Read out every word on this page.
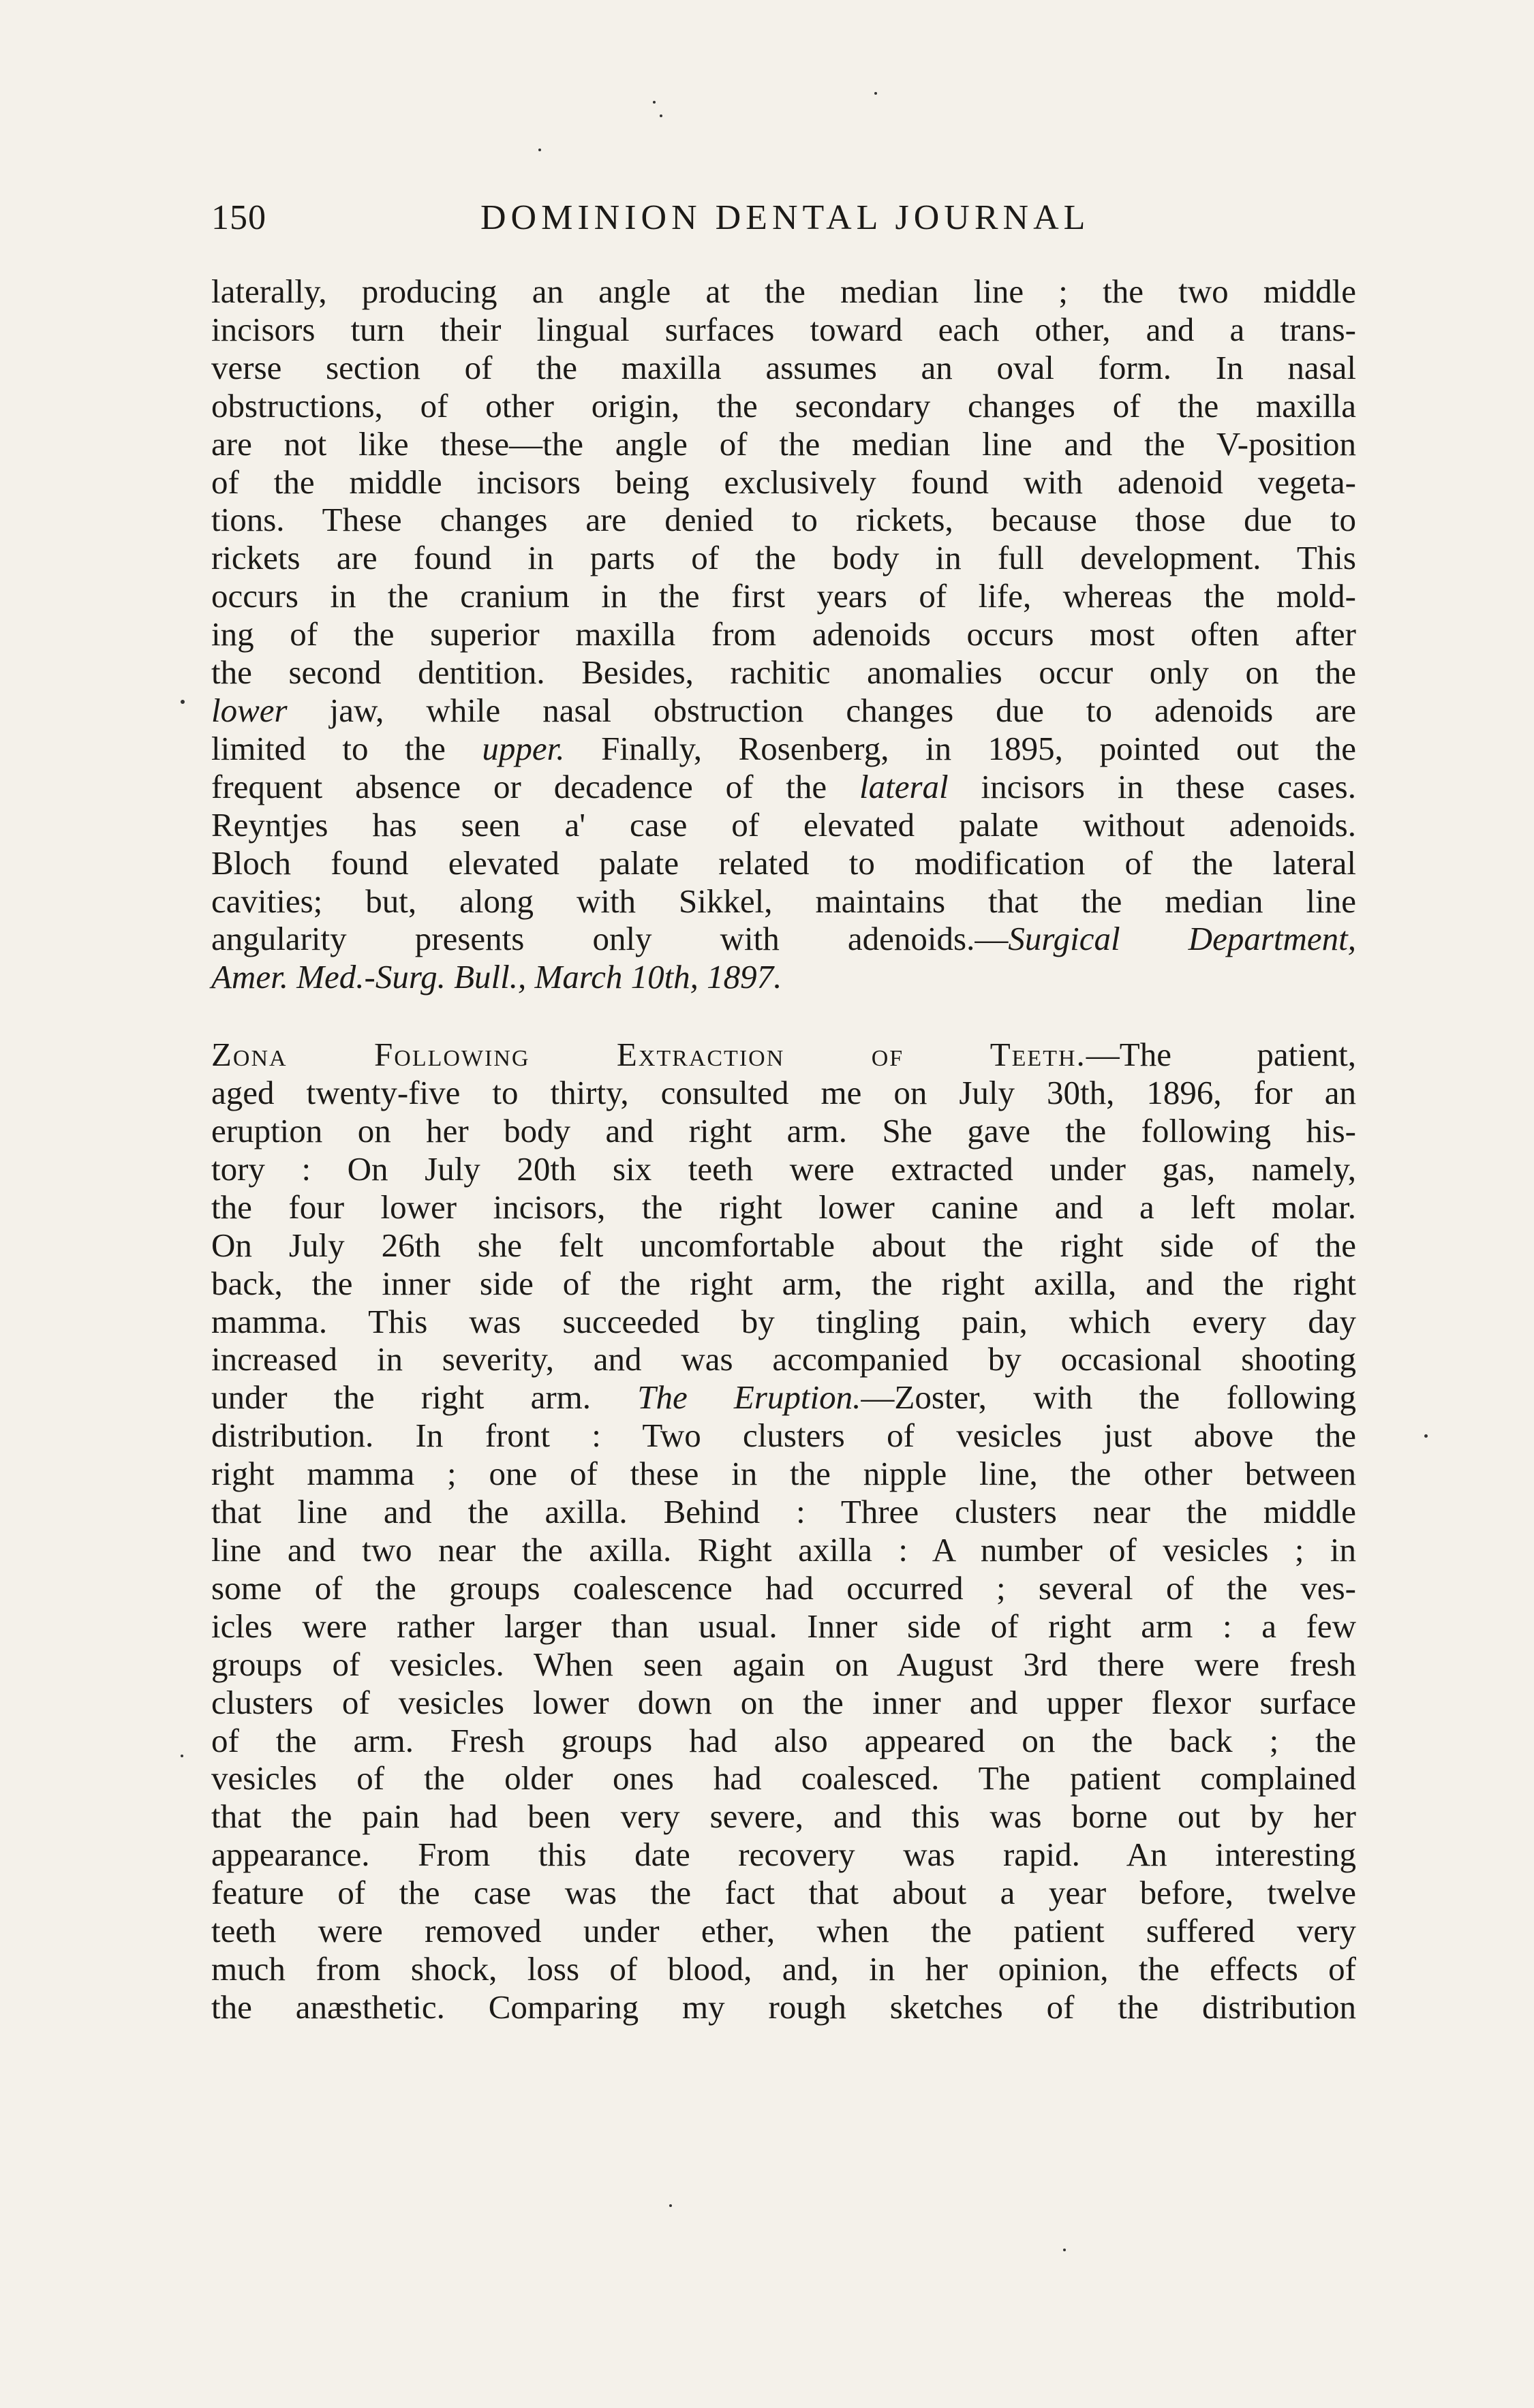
150	DOMINION DENTAL JOURNAL

laterally, producing an angle at the median line ; the two middle
incisors turn their lingual surfaces toward each other, and a trans-
verse section of the maxilla assumes an oval form. In nasal
obstructions, of other origin, the secondary changes of the maxilla
are not like these—the angle of the median line and the V-position
of the middle incisors being exclusively found with adenoid vegeta-
tions. These changes are denied to rickets, because those due to
rickets are found in parts of the body in full development. This
occurs in the cranium in the first years of life, whereas the mold-
ing of the superior maxilla from adenoids occurs most often after
the second dentition. Besides, rachitic anomalies occur only on the
lower jaw, while nasal obstruction changes due to adenoids are
limited to the upper. Finally, Rosenberg, in 1895, pointed out the
frequent absence or decadence of the lateral incisors in these cases.
Reyntjes has seen a' case of elevated palate without adenoids.
Bloch found elevated palate related to modification of the lateral
cavities; but, along with Sikkel, maintains that the median line
angularity presents only with adenoids.—Surgical Department,
Amer. Med.-Surg. Bull., March 10th, 1897.

Zona Following Extraction of Teeth.—The patient,
aged twenty-five to thirty, consulted me on July 30th, 1896, for an
eruption on her body and right arm. She gave the following his-
tory : On July 20th six teeth were extracted under gas, namely,
the four lower incisors, the right lower canine and a left molar.
On July 26th she felt uncomfortable about the right side of the
back, the inner side of the right arm, the right axilla, and the right
mamma. This was succeeded by tingling pain, which every day
increased in severity, and was accompanied by occasional shooting
under the right arm. The Eruption.—Zoster, with the following
distribution. In front : Two clusters of vesicles just above the
right mamma ; one of these in the nipple line, the other between
that line and the axilla. Behind : Three clusters near the middle
line and two near the axilla. Right axilla : A number of vesicles ; in
some of the groups coalescence had occurred ; several of the ves-
icles were rather larger than usual. Inner side of right arm : a few
groups of vesicles. When seen again on August 3rd there were fresh
clusters of vesicles lower down on the inner and upper flexor surface
of the arm. Fresh groups had also appeared on the back ; the
vesicles of the older ones had coalesced. The patient complained
that the pain had been very severe, and this was borne out by her
appearance. From this date recovery was rapid. An interesting
feature of the case was the fact that about a year before, twelve
teeth were removed under ether, when the patient suffered very
much from shock, loss of blood, and, in her opinion, the effects of
the anæsthetic. Comparing my rough sketches of the distribution
